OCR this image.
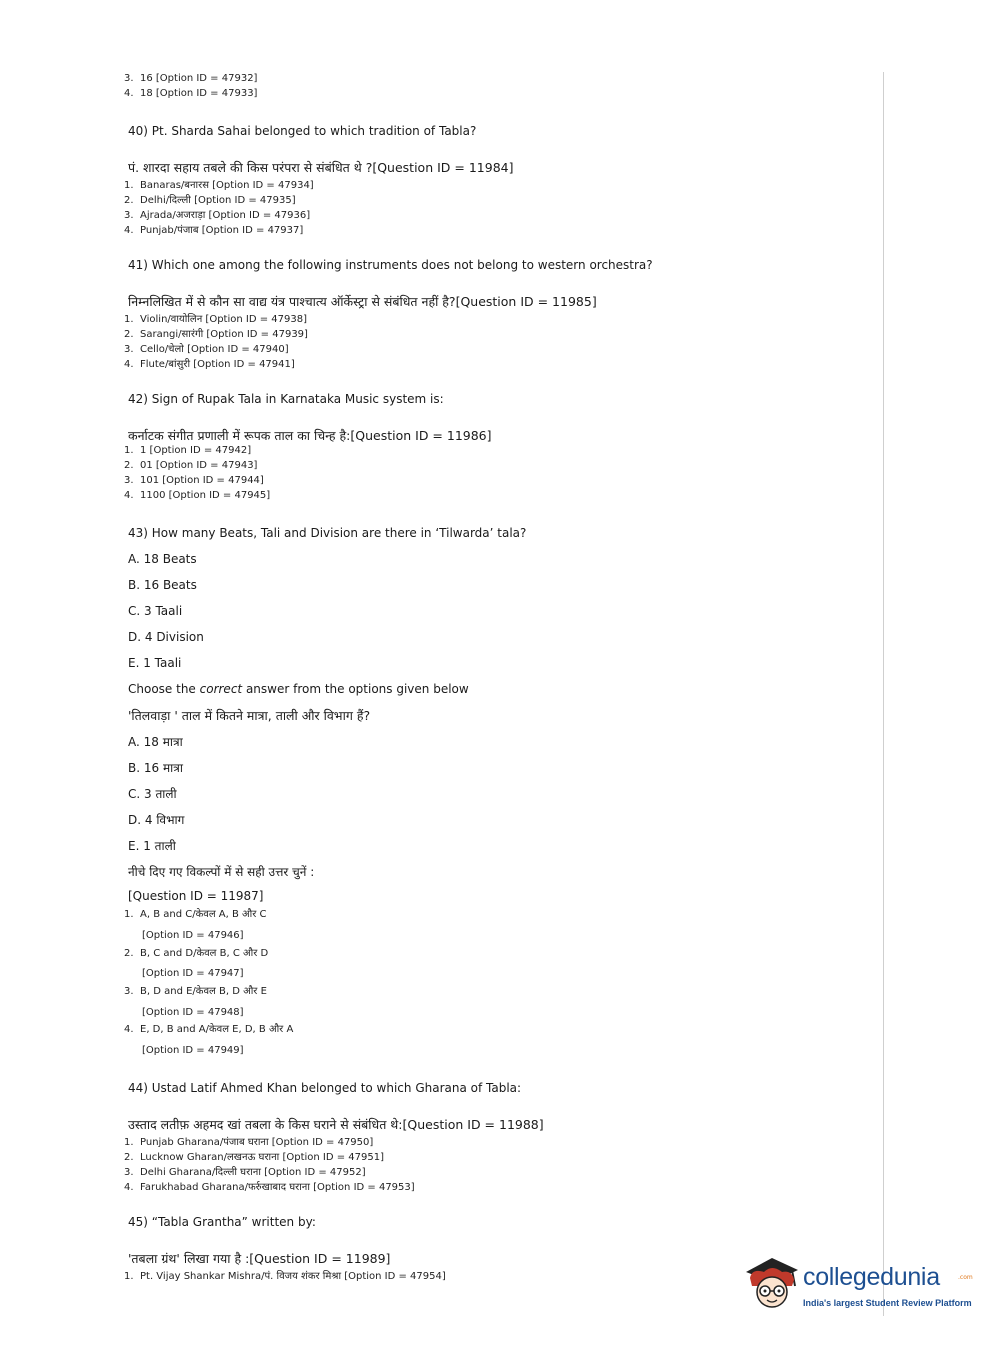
3. 16 [Option ID = 47932]
4. 18 [Option ID = 47933]
40) Pt. Sharda Sahai belonged to which tradition of Tabla?
पं. शारदा सहाय तबले की किस परंपरा से संबंधित थे ?[Question ID = 11984]
1. Banaras/बनारस [Option ID = 47934]
2. Delhi/दिल्ली [Option ID = 47935]
3. Ajrada/अजराड़ा [Option ID = 47936]
4. Punjab/पंजाब [Option ID = 47937]
41) Which one among the following instruments does not belong to western orchestra?
निम्नलिखित में से कौन सा वाद्य यंत्र पाश्चात्य ऑर्केस्ट्रा से संबंधित नहीं है?[Question ID = 11985]
1. Violin/वायोलिन [Option ID = 47938]
2. Sarangi/सारंगी [Option ID = 47939]
3. Cello/चेलो [Option ID = 47940]
4. Flute/बांसुरी [Option ID = 47941]
42) Sign of Rupak Tala in Karnataka Music system is:
कर्नाटक संगीत प्रणाली में रूपक ताल का चिन्ह है:[Question ID = 11986]
1. 1 [Option ID = 47942]
2. 01 [Option ID = 47943]
3. 101 [Option ID = 47944]
4. 1100 [Option ID = 47945]
43) How many Beats, Tali and Division are there in ‘Tilwarda’ tala?
A. 18 Beats
B. 16 Beats
C. 3 Taali
D. 4 Division
E. 1 Taali
Choose the correct answer from the options given below
'तिलवाड़ा ' ताल में कितने मात्रा, ताली और विभाग हैं?
A. 18 मात्रा
B. 16 मात्रा
C. 3 ताली
D. 4 विभाग
E. 1 ताली
नीचे दिए गए विकल्पों में से सही उत्तर चुनें :
[Question ID = 11987]
1. A, B and C/केवल A, B और C
[Option ID = 47946]
2. B, C and D/केवल B, C और D
[Option ID = 47947]
3. B, D and E/केवल B, D और E
[Option ID = 47948]
4. E, D, B and A/केवल E, D, B और A
[Option ID = 47949]
44) Ustad Latif Ahmed Khan belonged to which Gharana of Tabla:
उस्ताद लतीफ़ अहमद खां तबला के किस घराने से संबंधित थे:[Question ID = 11988]
1. Punjab Gharana/पंजाब घराना [Option ID = 47950]
2. Lucknow Gharan/लखनऊ घराना [Option ID = 47951]
3. Delhi Gharana/दिल्ली घराना [Option ID = 47952]
4. Farukhabad Gharana/फर्रुखाबाद घराना [Option ID = 47953]
45) “Tabla Grantha” written by:
'तबला ग्रंथ' लिखा गया है :[Question ID = 11989]
1. Pt. Vijay Shankar Mishra/पं. विजय शंकर मिश्रा [Option ID = 47954]	collegedunia	.com
India's largest Student Review Platform
